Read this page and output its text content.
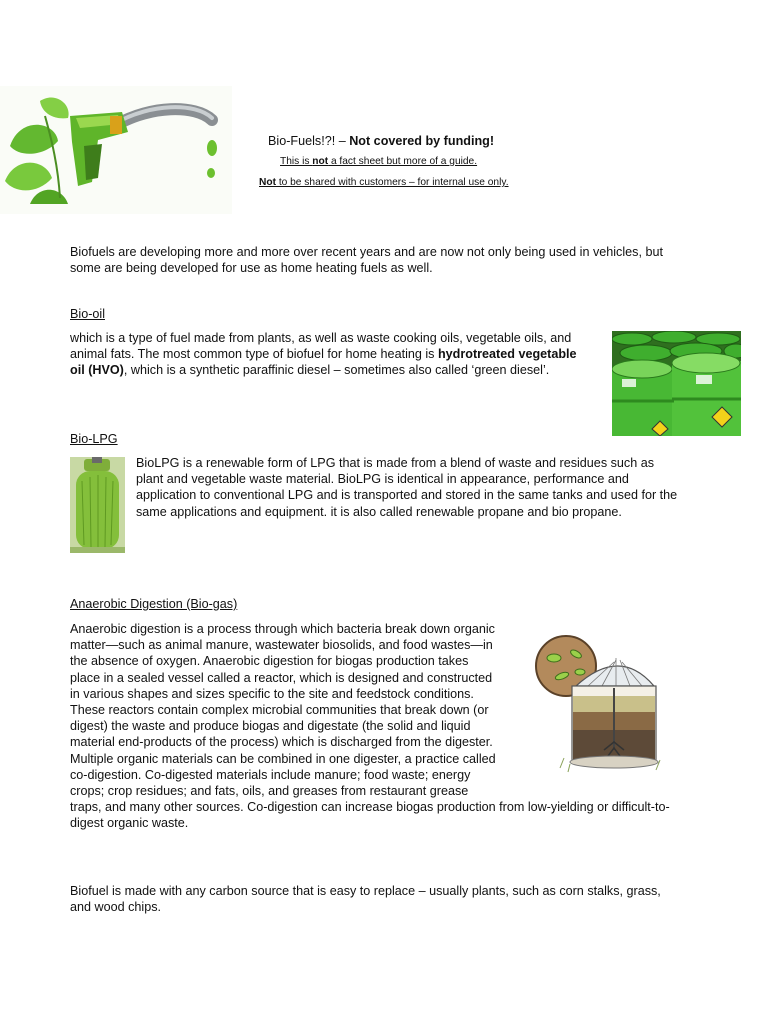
Bio-Fuels!?! – Not covered by funding!
This is not a fact sheet but more of a guide.
Not to be shared with customers – for internal use only.
Biofuels are developing more and more over recent years and are now not only being used in vehicles, but
some are being developed for use as home heating fuels as well.
Bio-oil
which is a type of fuel made from plants, as well as waste cooking oils, vegetable oils, and
animal fats. The most common type of biofuel for home heating is hydrotreated vegetable
oil (HVO), which is a synthetic paraffinic diesel – sometimes also called ‘green diesel’.
Bio-LPG
BioLPG is a renewable form of LPG that is made from a blend of waste and residues such as
plant and vegetable waste material. BioLPG is identical in appearance, performance and
application to conventional LPG and is transported and stored in the same tanks and used for the
same applications and equipment. it is also called renewable propane and bio propane.
Anaerobic Digestion (Bio-gas)
Anaerobic digestion is a process through which bacteria break down organic
matter—such as animal manure, wastewater biosolids, and food wastes—in
the absence of oxygen. Anaerobic digestion for biogas production takes
place in a sealed vessel called a reactor, which is designed and constructed
in various shapes and sizes specific to the site and feedstock conditions.
These reactors contain complex microbial communities that break down (or
digest) the waste and produce biogas and digestate (the solid and liquid
material end-products of the process) which is discharged from the digester.
Multiple organic materials can be combined in one digester, a practice called
co-digestion. Co-digested materials include manure; food waste; energy
crops; crop residues; and fats, oils, and greases from restaurant grease
traps, and many other sources. Co-digestion can increase biogas production from low-yielding or difficult-to-
digest organic waste.
Biofuel is made with any carbon source that is easy to replace – usually plants, such as corn stalks, grass,
and wood chips.
